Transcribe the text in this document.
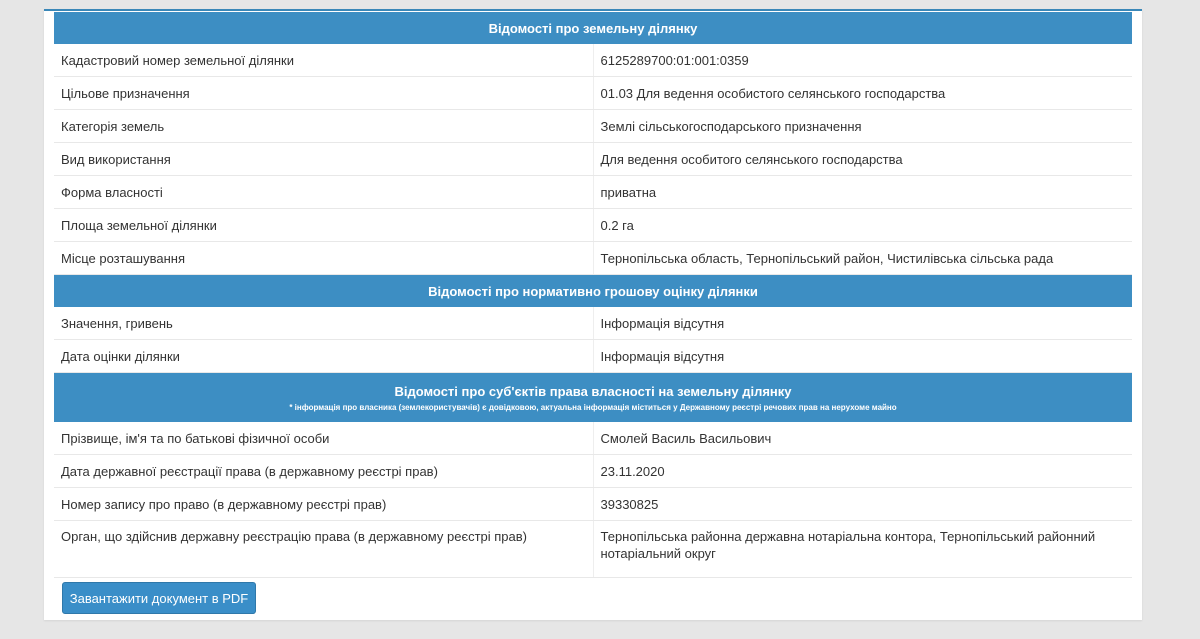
Відомості про земельну ділянку	
Кадастровий номер земельної ділянки	6125289700:01:001:0359
Цільове призначення	01.03 Для ведення особистого селянського господарства
Категорія земель	Землі сільськогосподарського призначення
Вид використання	Для ведення особитого селянського господарства
Форма власності	приватна
Площа земельної ділянки	0.2 га
Місце розташування	Тернопільська область, Тернопільський район, Чистилівська сільська рада
Відомості про нормативно грошову оцінку ділянки	
Значення, гривень	Інформація відсутня
Дата оцінки ділянки	Інформація відсутня
Відомості про суб'єктів права власності на земельну ділянку
* інформація про власника (землекористувачів) є довідковою, актуальна інформація міститься у Державному реєстрі речових прав на нерухоме майно	

Прізвище, ім'я та по батькові фізичної особи	Смолей Василь Васильович
Дата державної реєстрації права (в державному реєстрі прав)	23.11.2020
Номер запису про право (в державному реєстрі прав)	39330825
Орган, що здійснив державну реєстрацію права (в державному реєстрі прав)	Тернопільська районна державна нотаріальна контора, Тернопільський районний нотаріальний округ
Завантажити документ в PDF
